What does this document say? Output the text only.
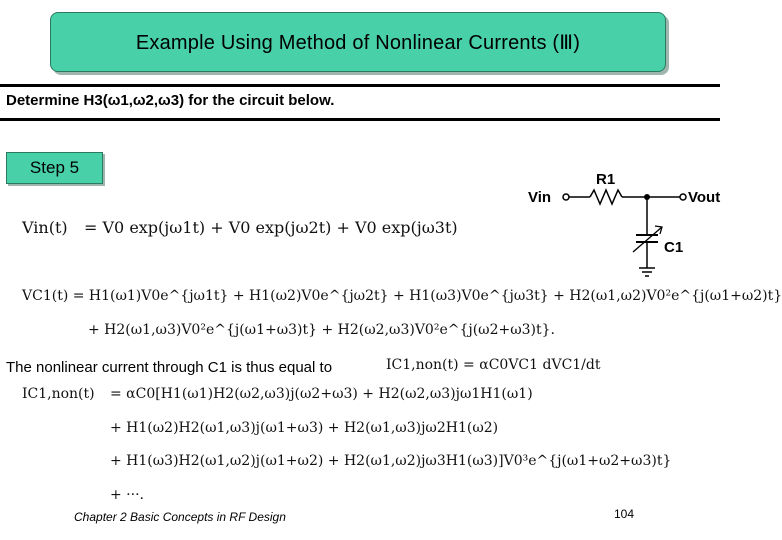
Example Using Method of Nonlinear Currents (Ⅲ)
Determine H3(ω1,ω2,ω3) for the circuit below.
Step 5
Vin
R1
Vout
C1
Vin(t) = V0 exp(jω1t) + V0 exp(jω2t) + V0 exp(jω3t)
VC1(t) = H1(ω1)V0e^{jω1t} + H1(ω2)V0e^{jω2t} + H1(ω3)V0e^{jω3t} + H2(ω1,ω2)V0²e^{j(ω1+ω2)t}
+ H2(ω1,ω3)V0²e^{j(ω1+ω3)t} + H2(ω2,ω3)V0²e^{j(ω2+ω3)t}.
The nonlinear current through C1 is thus equal to	IC1,non(t) = αC0VC1 dVC1/dt
IC1,non(t) = αC0[H1(ω1)H2(ω2,ω3)j(ω2+ω3) + H2(ω2,ω3)jω1H1(ω1)
+ H1(ω2)H2(ω1,ω3)j(ω1+ω3) + H2(ω1,ω3)jω2H1(ω2)
+ H1(ω3)H2(ω1,ω2)j(ω1+ω2) + H2(ω1,ω2)jω3H1(ω3)]V0³e^{j(ω1+ω2+ω3)t}
+ ···.
Chapter 2 Basic Concepts in RF Design	104
